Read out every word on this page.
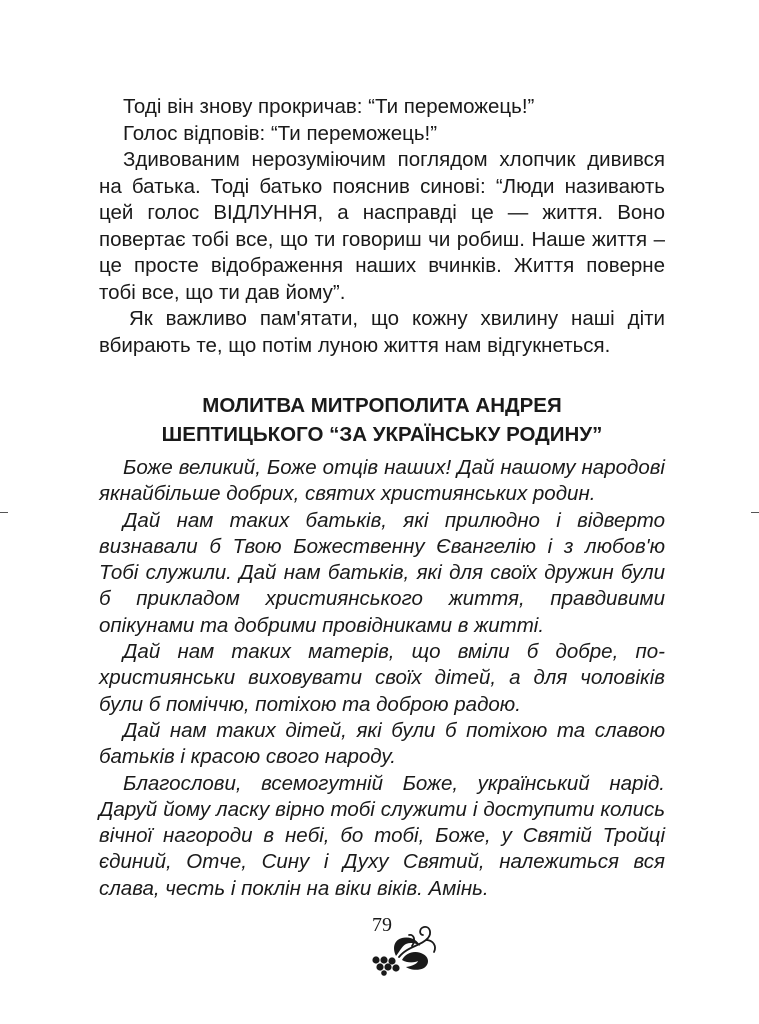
Тоді він знову прокричав: “Ти переможець!”

Голос відповів: “Ти переможець!”

Здивованим нерозуміючим поглядом хлопчик дивився на батька. Тоді батько пояснив синові: “Люди називають цей голос ВІДЛУННЯ, а насправді це — життя. Воно повертає тобі все, що ти говориш чи робиш. Наше життя – це просте відображення наших вчинків. Життя поверне тобі все, що ти дав йому”.

Як важливо пам'ятати, що кожну хвилину наші діти вбирають те, що потім луною життя нам відгукнеться.

МОЛИТВА МИТРОПОЛИТА АНДРЕЯ
ШЕПТИЦЬКОГО “ЗА УКРАЇНСЬКУ РОДИНУ”

Боже великий, Боже отців наших! Дай нашому народові якнайбільше добрих, святих християнських родин.

Дай нам таких батьків, які прилюдно і відверто визнавали б Твою Божественну Євангелію і з любов'ю Тобі служили. Дай нам батьків, які для своїх дружин були б прикладом християнського життя, правдивими опікунами та добрими провідниками в житті.

Дай нам таких матерів, що вміли б добре, по-християнськи виховувати своїх дітей, а для чоловіків були б поміччю, потіхою та доброю радою.

Дай нам таких дітей, які були б потіхою та славою батьків і красою свого народу.

Благослови, всемогутній Боже, український нарід. Даруй йому ласку вірно тобі служити і доступити колись вічної нагороди в небі, бо тобі, Боже, у Святій Тройці єдиний, Отче, Сину і Духу Святий, належиться вся слава, честь і поклін на віки віків. Амінь.

79
